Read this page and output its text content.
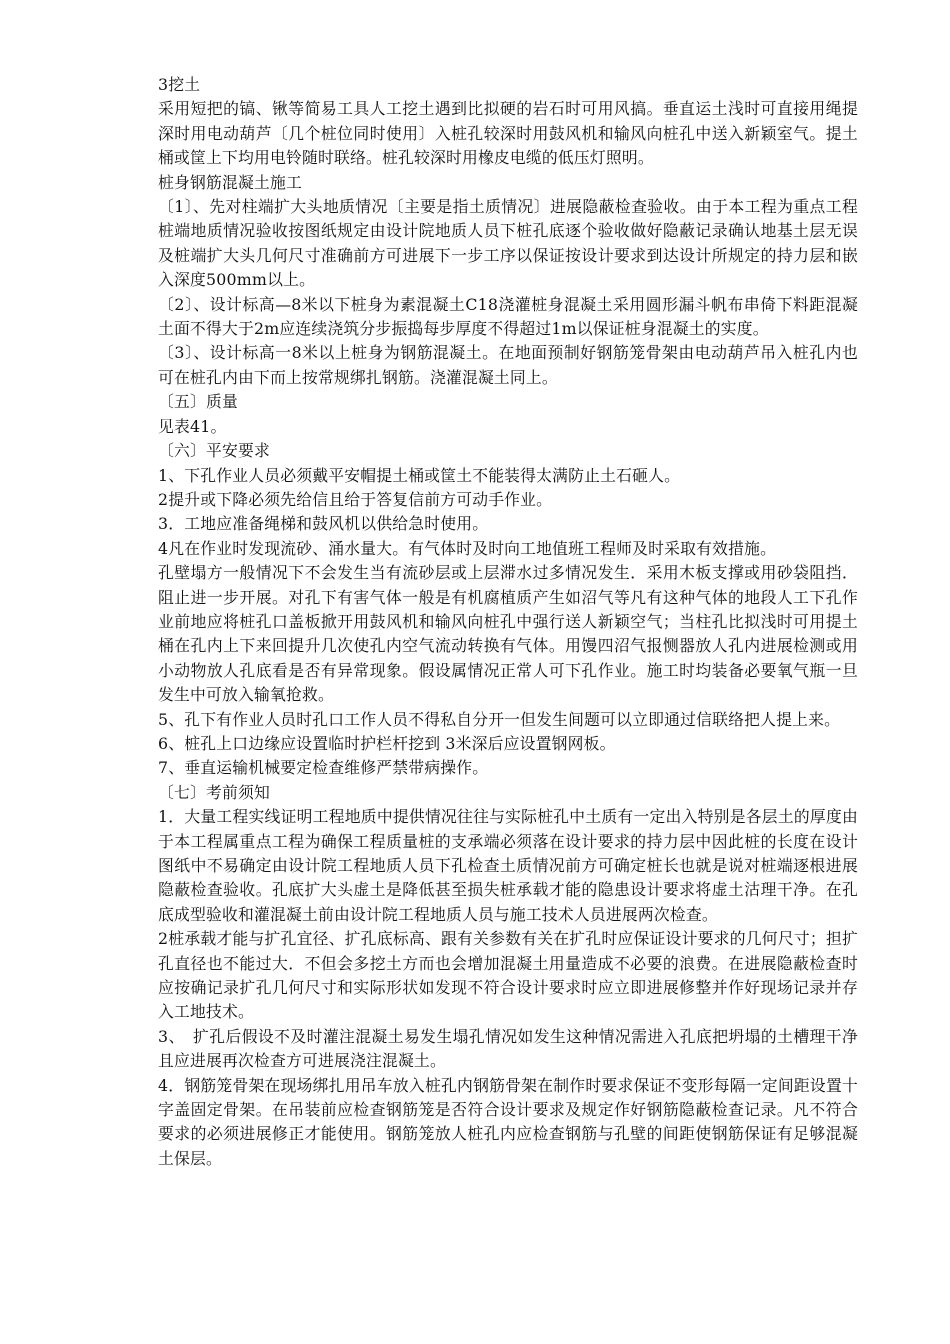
3挖土

采用短把的镐、锹等简易工具人工挖土遇到比拟硬的岩石时可用风搞。垂直运土浅时可直接用绳提深时用电动葫芦〔几个桩位同时使用〕入桩孔较深时用鼓风机和输风向桩孔中送入新颖室气。提土桶或筐上下均用电铃随时联络。桩孔较深时用橡皮电缆的低压灯照明。

桩身钢筋混凝土施工

〔1〕、先对柱端扩大头地质情况〔主要是指土质情况〕进展隐蔽检查验收。由于本工程为重点工程桩端地质情况验收按图纸规定由设计院地质人员下桩孔底逐个验收做好隐蔽记录确认地基土层无误及桩端扩大头几何尺寸准确前方可进展下一步工序以保证按设计要求到达设计所规定的持力层和嵌入深度500mm以上。

〔2〕、设计标高—8米以下桩身为素混凝土C18浇灌桩身混凝土采用圆形漏斗帆布串倚下料距混凝土面不得大于2m应连续浇筑分步振捣每步厚度不得超过1m以保证桩身混凝土的实度。

〔3〕、设计标高一8米以上桩身为钢筋混凝土。在地面预制好钢筋笼骨架由电动葫芦吊入桩孔内也可在桩孔内由下而上按常规绑扎钢筋。浇灌混凝土同上。

〔五〕质量

见表41。

〔六〕平安要求

1、下孔作业人员必须戴平安帽提土桶或筐土不能装得太满防止土石砸人。

2提升或下降必须先给信且给于答复信前方可动手作业。

3．工地应准备绳梯和鼓风机以供给急时使用。

4凡在作业时发现流砂、涌水量大。有气体时及时向工地值班工程师及时采取有效措施。

孔壁塌方一般情况下不会发生当有流砂层或上层滞水过多情况发生．采用木板支撑或用砂袋阻挡．阻止进一步开展。对孔下有害气体一般是有机腐植质产生如沼气等凡有这种气体的地段人工下孔作业前地应将桩孔口盖板掀开用鼓风机和输风向桩孔中强行送人新颖空气；当柱孔比拟浅时可用提土桶在孔内上下来回提升几次使孔内空气流动转换有气体。用馒四沼气报恻器放人孔内进展检测或用小动物放人孔底看是否有异常现象。假设属情况正常人可下孔作业。施工时均装备必要氧气瓶一旦发生中可放入输氧抢救。

5、孔下有作业人员时孔口工作人员不得私自分开一但发生间题可以立即通过信联络把人提上来。

6、桩孔上口边缘应设置临时护栏杆挖到 3米深后应设置钢网板。

7、垂直运输机械要定检查维修严禁带病操作。

〔七〕考前须知

1．大量工程实线证明工程地质中提供情况往往与实际桩孔中土质有一定出入特别是各层土的厚度由于本工程属重点工程为确保工程质量桩的支承端必须落在设计要求的持力层中因此桩的长度在设计图纸中不易确定由设计院工程地质人员下孔检查土质情况前方可确定桩长也就是说对桩端逐根进展隐蔽检查验收。孔底扩大头虚土是降低甚至损失桩承载才能的隐患设计要求将虚土沽理干净。在孔底成型验收和灌混凝土前由设计院工程地质人员与施工技术人员进展两次检查。

2桩承载才能与扩孔宜径、扩孔底标高、跟有关参数有关在扩孔时应保证设计要求的几何尺寸；担扩孔直径也不能过大．不但会多挖土方而也会增加混凝土用量造成不必要的浪费。在进展隐蔽检查时应按确记录扩孔几何尺寸和实际形状如发现不符合设计要求时应立即进展修整并作好现场记录并存入工地技术。

3、　扩孔后假设不及时灌注混凝土易发生塌孔情况如发生这种情况需进入孔底把坍塌的土槽理干净且应进展再次检查方可进展浇注混凝土。

4．钢筋笼骨架在现场绑扎用吊车放入桩孔内钢筋骨架在制作时要求保证不变形每隔一定间距设置十字盖固定骨架。在吊装前应检查钢筋笼是否符合设计要求及规定作好钢筋隐蔽检查记录。凡不符合要求的必须进展修正才能使用。钢筋笼放人桩孔内应检查钢筋与孔壁的间距使钢筋保证有足够混凝土保层。
